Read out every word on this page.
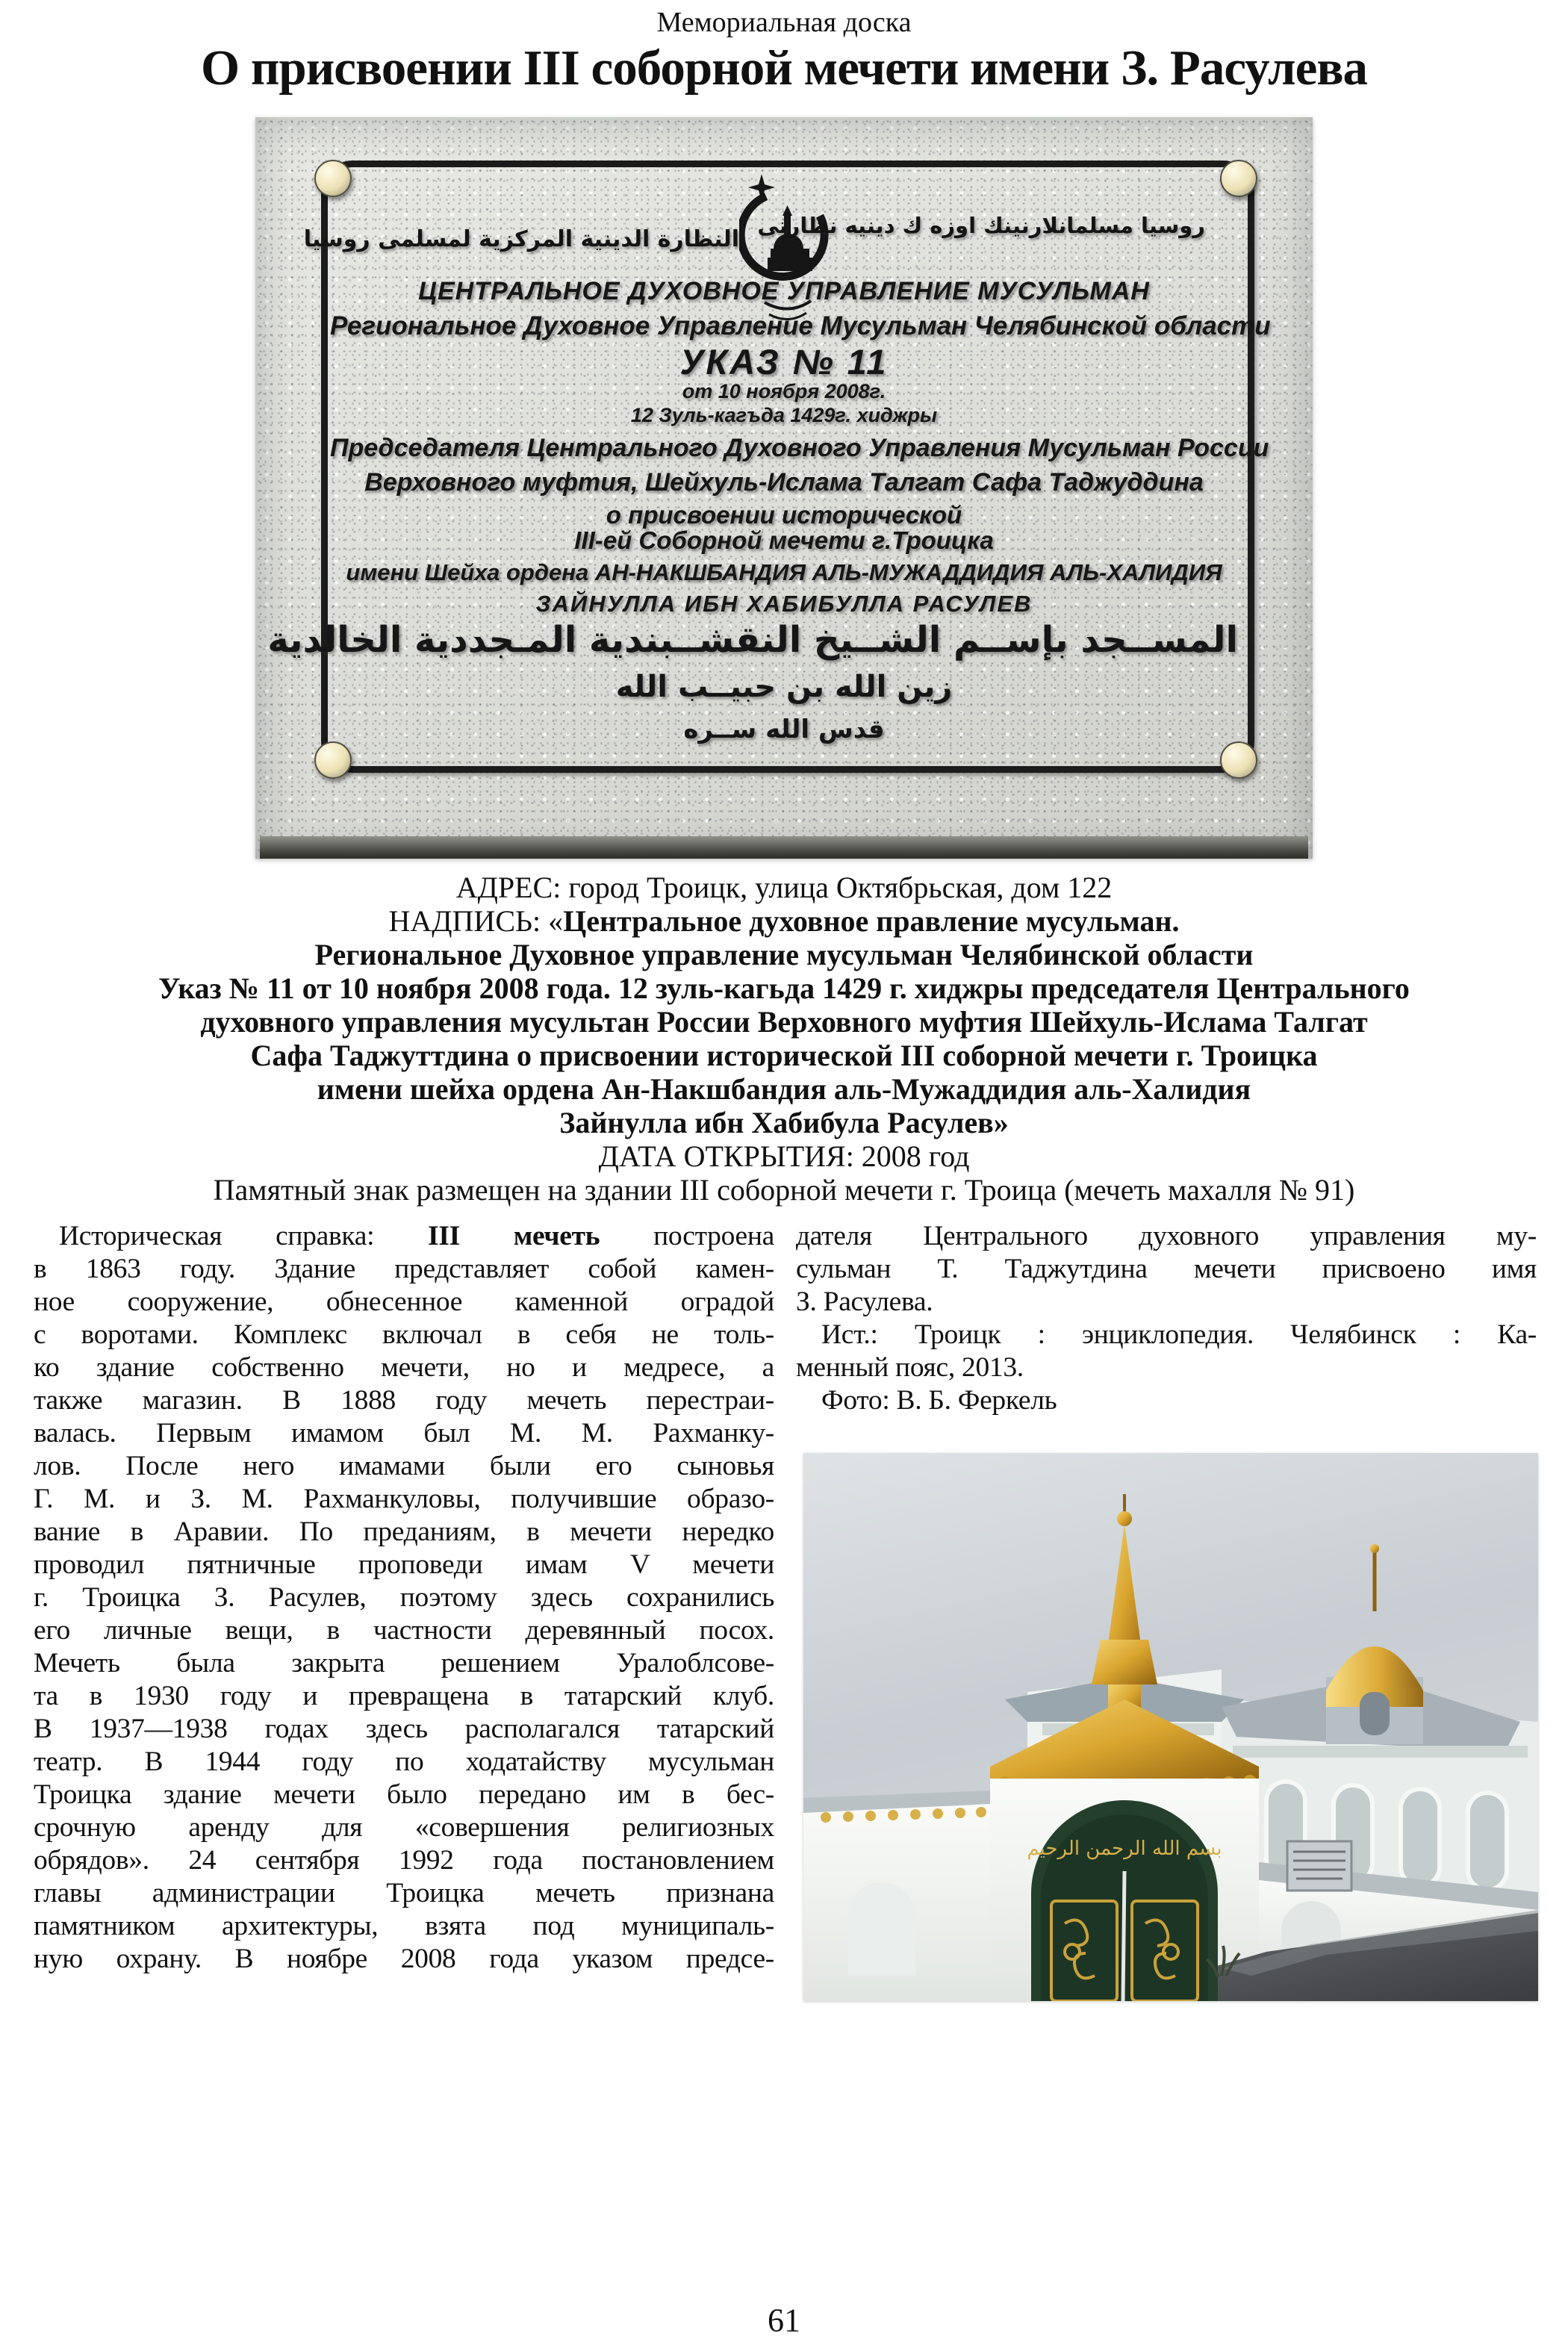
Мемориальная доска
О присвоении III соборной мечети имени З. Расулева
النظارة الدينية المركزية لمسلمى روسيا
روسيا مسلمانلارنينك اوزه ك دينيه نظارتى
ЦЕНТРАЛЬНОЕ ДУХОВНОЕ УПРАВЛЕНИЕ МУСУЛЬМАН
Региональное Духовное Управление Мусульман Челябинской области
УКАЗ № 11
от 10 ноября 2008г.
12 Зуль-кагъда 1429г. хиджры
Председателя Центрального Духовного Управления Мусульман России
Верховного муфтия, Шейхуль-Ислама Талгат Сафа Таджуддина
о присвоении исторической
III-ей Соборной мечети г.Троицка
имени Шейха ордена АН-НАКШБАНДИЯ АЛЬ-МУЖАДДИДИЯ АЛЬ-ХАЛИДИЯ
ЗАЙНУЛЛА ИБН ХАБИБУЛЛА РАСУЛЕВ
المســجد بإســم الشــيخ النقشــبندية المـجددية الخالدية
زين الله بن حبيــب الله
قدس الله ســره
АДРЕС: город Троицк, улица Октябрьская, дом 122
НАДПИСЬ: «Центральное духовное правление мусульман.
Региональное Духовное управление мусульман Челябинской области
Указ № 11 от 10 ноября 2008 года. 12 зуль-кагьда 1429 г. хиджры председателя Центрального
духовного управления мусультан России Верховного муфтия Шейхуль-Ислама Талгат
Сафа Таджуттдина о присвоении исторической III соборной мечети г. Троицка
имени шейха ордена Ан-Накшбандия аль-Мужаддидия аль-Халидия
Зайнулла ибн Хабибула Расулев»
ДАТА ОТКРЫТИЯ: 2008 год
Памятный знак размещен на здании III соборной мечети г. Троица (мечеть махалля № 91)
Историческая справка: III мечеть построена
в 1863 году. Здание представляет собой камен-
ное сооружение, обнесенное каменной оградой
с воротами. Комплекс включал в себя не толь-
ко здание собственно мечети, но и медресе, а
также магазин. В 1888 году мечеть перестраи-
валась. Первым имамом был М. М. Рахманку-
лов. После него имамами были его сыновья
Г. М. и З. М. Рахманкуловы, получившие образо-
вание в Аравии. По преданиям, в мечети нередко
проводил пятничные проповеди имам V мечети
г. Троицка З. Расулев, поэтому здесь сохранились
его личные вещи, в частности деревянный посох.
Мечеть была закрыта решением Уралоблсове-
та в 1930 году и превращена в татарский клуб.
В 1937—1938 годах здесь располагался татарский
театр. В 1944 году по ходатайству мусульман
Троицка здание мечети было передано им в бес-
срочную аренду для «совершения религиозных
обрядов». 24 сентября 1992 года постановлением
главы администрации Троицка мечеть признана
памятником архитектуры, взята под муниципаль-
ную охрану. В ноябре 2008 года указом предсе-
дателя Центрального духовного управления му-
сульман Т. Таджутдина мечети присвоено имя
З. Расулева.
Ист.: Троицк : энциклопедия. Челябинск : Ка-
менный пояс, 2013.
Фото: В. Б. Феркель
بسم الله الرحمن الرحيم
61
